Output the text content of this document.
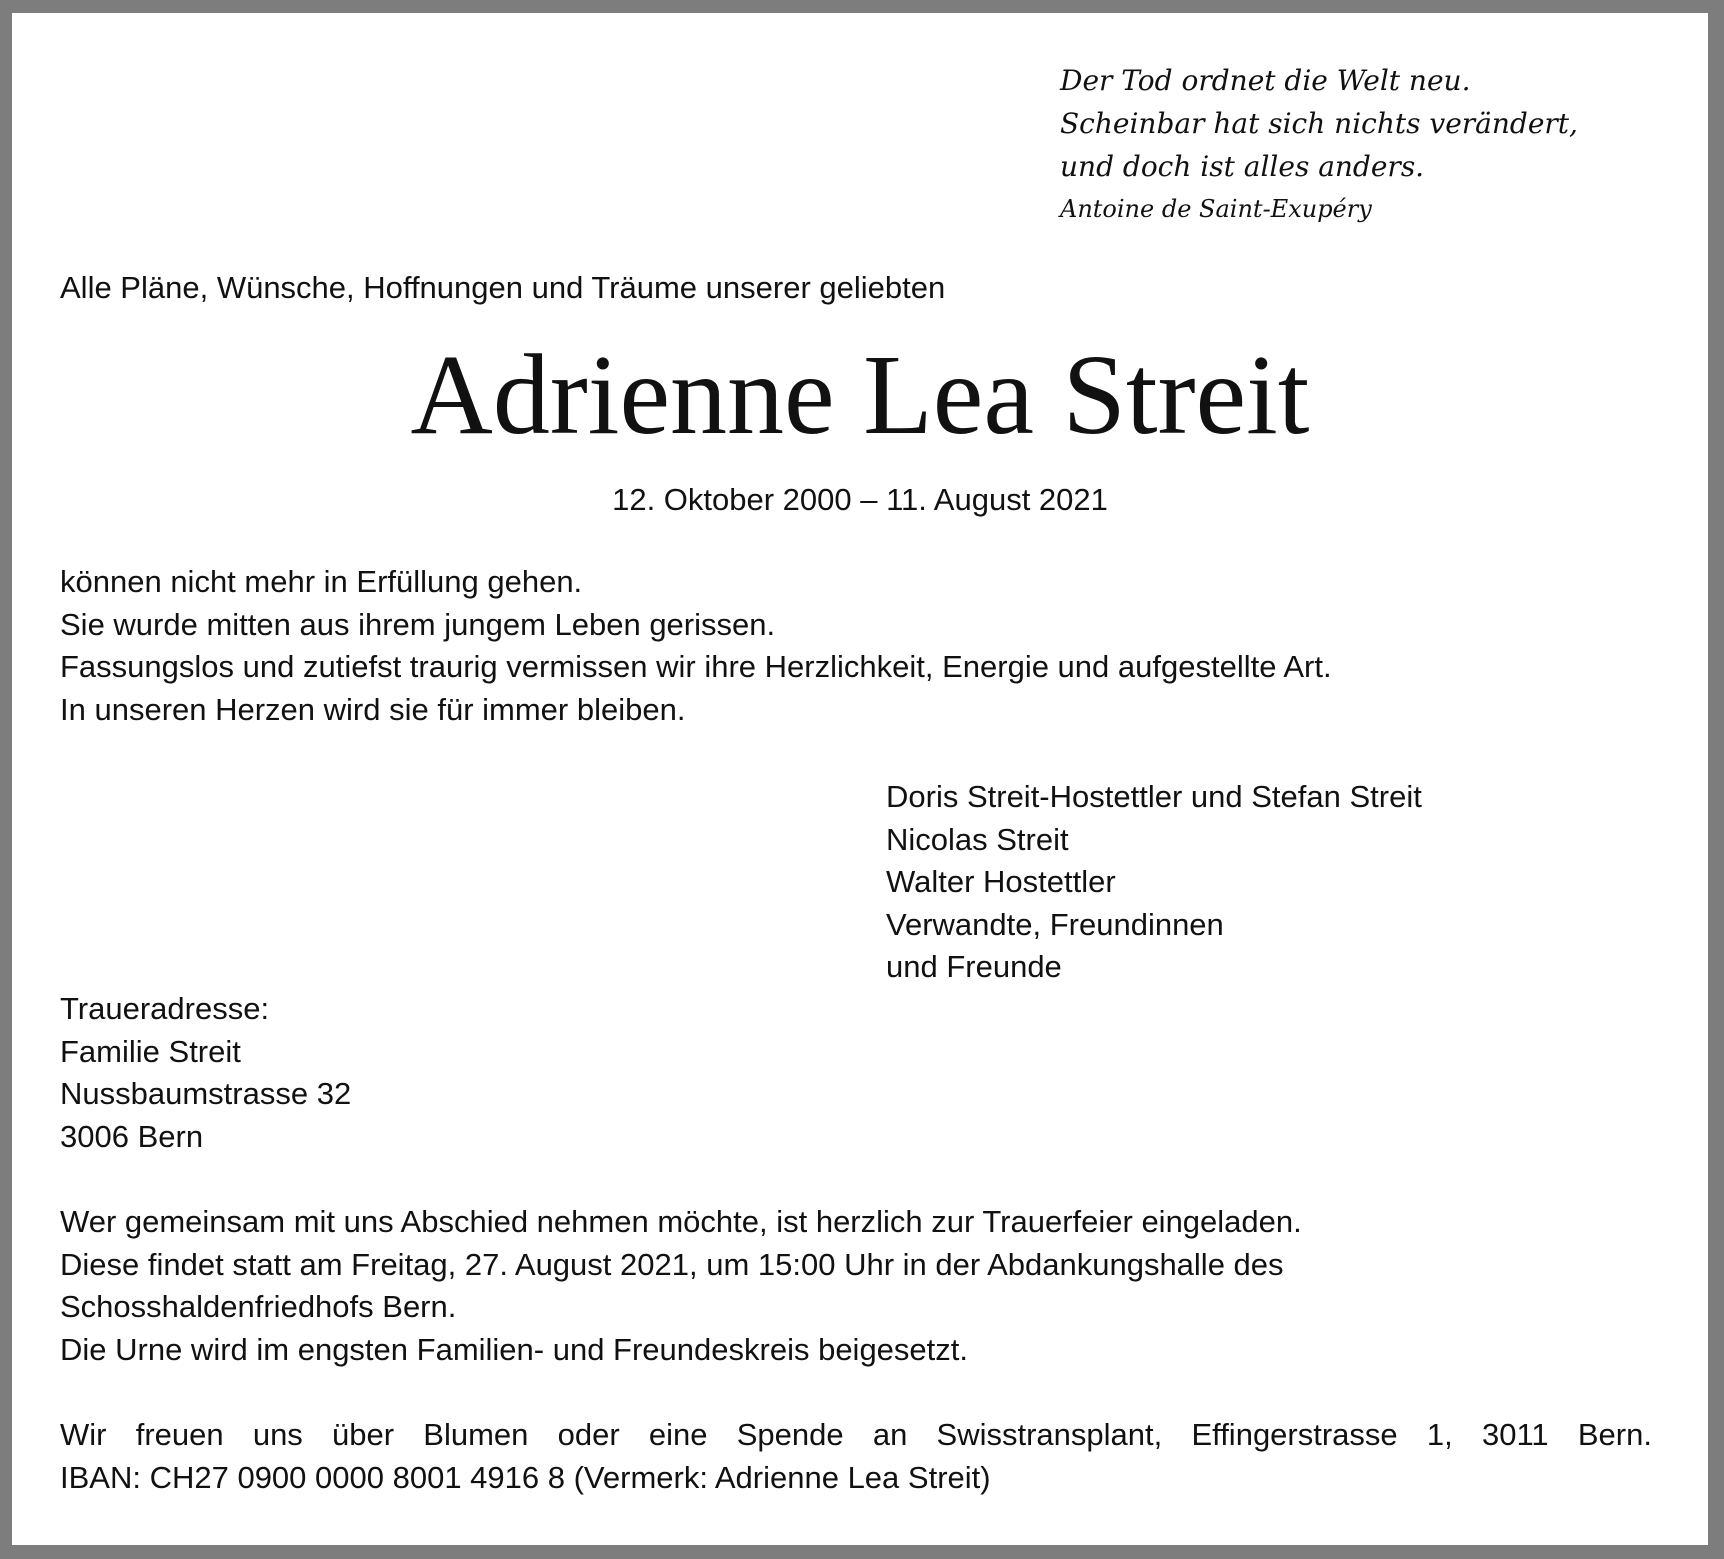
Der Tod ordnet die Welt neu.
Scheinbar hat sich nichts verändert,
und doch ist alles anders.
Antoine de Saint-Exupéry
Alle Pläne, Wünsche, Hoffnungen und Träume unserer geliebten
Adrienne Lea Streit
12. Oktober 2000 – 11. August 2021
können nicht mehr in Erfüllung gehen.
Sie wurde mitten aus ihrem jungem Leben gerissen.
Fassungslos und zutiefst traurig vermissen wir ihre Herzlichkeit, Energie und aufgestellte Art.
In unseren Herzen wird sie für immer bleiben.
Doris Streit-Hostettler und Stefan Streit
Nicolas Streit
Walter Hostettler
Verwandte, Freundinnen
und Freunde
Traueradresse:
Familie Streit
Nussbaumstrasse 32
3006 Bern
Wer gemeinsam mit uns Abschied nehmen möchte, ist herzlich zur Trauerfeier eingeladen.
Diese findet statt am Freitag, 27. August 2021, um 15:00 Uhr in der Abdankungshalle des
Schosshaldenfriedhofs Bern.
Die Urne wird im engsten Familien- und Freundeskreis beigesetzt.
Wir freuen uns über Blumen oder eine Spende an Swisstransplant, Effingerstrasse 1, 3011 Bern.
IBAN: CH27 0900 0000 8001 4916 8 (Vermerk: Adrienne Lea Streit)
